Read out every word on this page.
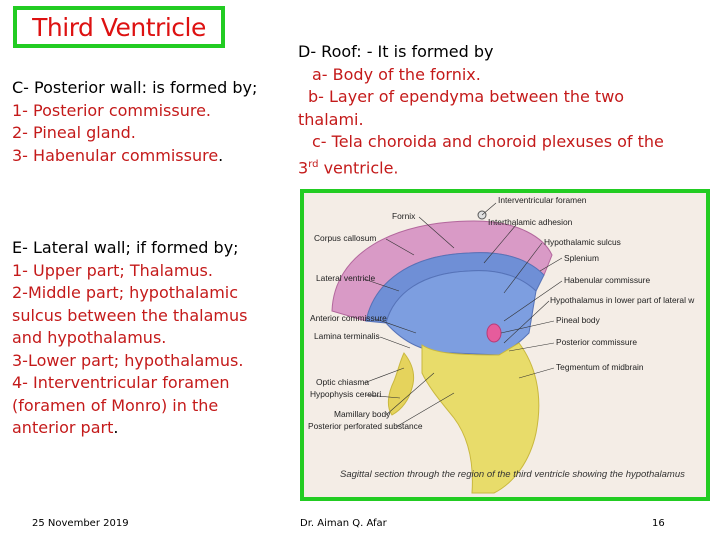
Third Ventricle
C- Posterior wall: is formed by;
1- Posterior commissure.
2- Pineal gland.
3- Habenular commissure.
E- Lateral wall; if formed by;
1- Upper part; Thalamus.
2-Middle part; hypothalamic
sulcus between the thalamus
and hypothalamus.
3-Lower part; hypothalamus.
4- Interventricular foramen
(foramen of Monro) in the
anterior part.
D- Roof: - It is formed by
a- Body of the fornix.
b- Layer of ependyma between the two
thalami.
c- Tela choroida and choroid plexuses of the
3rd ventricle.
Interventricular foramen
Fornix
Interthalamic adhesion
Corpus callosum	Hypothalamic sulcus
Splenium
Lateral ventricle	Habenular commissure
Hypothalamus in lower part of lateral w
Anterior commissure	Pineal body
Lamina terminalis
Posterior commissure
Tegmentum of midbrain
Optic chiasma
Hypophysis cerebri
Mamillary body
Posterior perforated substance
Sagittal section through the region of the third ventricle showing the hypothalamus
25 November 2019	Dr. Aiman Q. Afar	16
